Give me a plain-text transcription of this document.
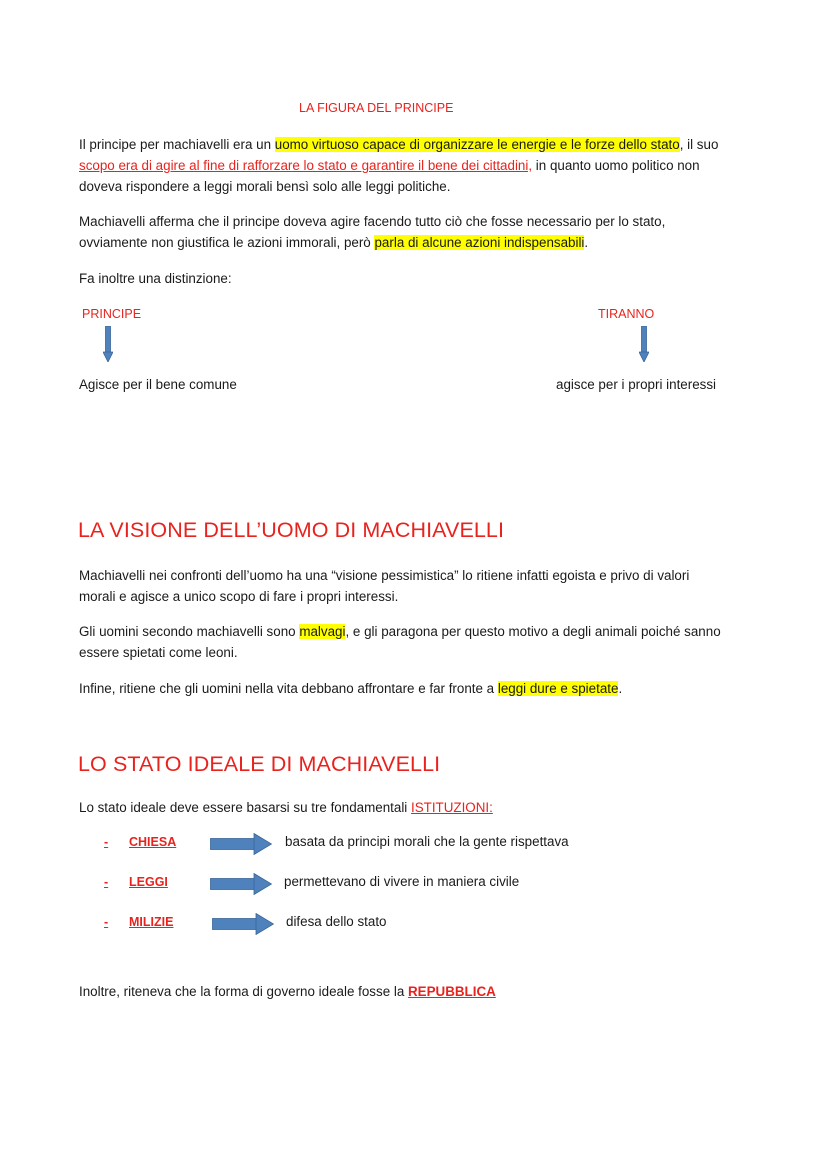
LA FIGURA DEL PRINCIPE

Il principe per machiavelli era un uomo virtuoso capace di organizzare le energie e le forze dello stato, il suo

scopo era di agire al fine di rafforzare lo stato e garantire il bene dei cittadini, in quanto uomo politico non

doveva rispondere a leggi morali bensì solo alle leggi politiche.

Machiavelli afferma che il principe doveva agire facendo tutto ciò che fosse necessario per lo stato,

ovviamente non giustifica le azioni immorali, però parla di alcune azioni indispensabili.

Fa inoltre una distinzione:

PRINCIPE	TIRANNO

Agisce per il bene comune	agisce per i propri interessi

LA VISIONE DELL’UOMO DI MACHIAVELLI

Machiavelli nei confronti dell’uomo ha una “visione pessimistica” lo ritiene infatti egoista e privo di valori

morali e agisce a unico scopo di fare i propri interessi.

Gli uomini secondo machiavelli sono malvagi, e gli paragona per questo motivo a degli animali poiché sanno

essere spietati come leoni.

Infine, ritiene che gli uomini nella vita debbano affrontare e far fronte a leggi dure e spietate.

LO STATO IDEALE DI MACHIAVELLI

Lo stato ideale deve essere basarsi su tre fondamentali ISTITUZIONI:

- CHIESA	basata da principi morali che la gente rispettava
- LEGGI	permettevano di vivere in maniera civile
- MILIZIE	difesa dello stato

Inoltre, riteneva che la forma di governo ideale fosse la REPUBBLICA
